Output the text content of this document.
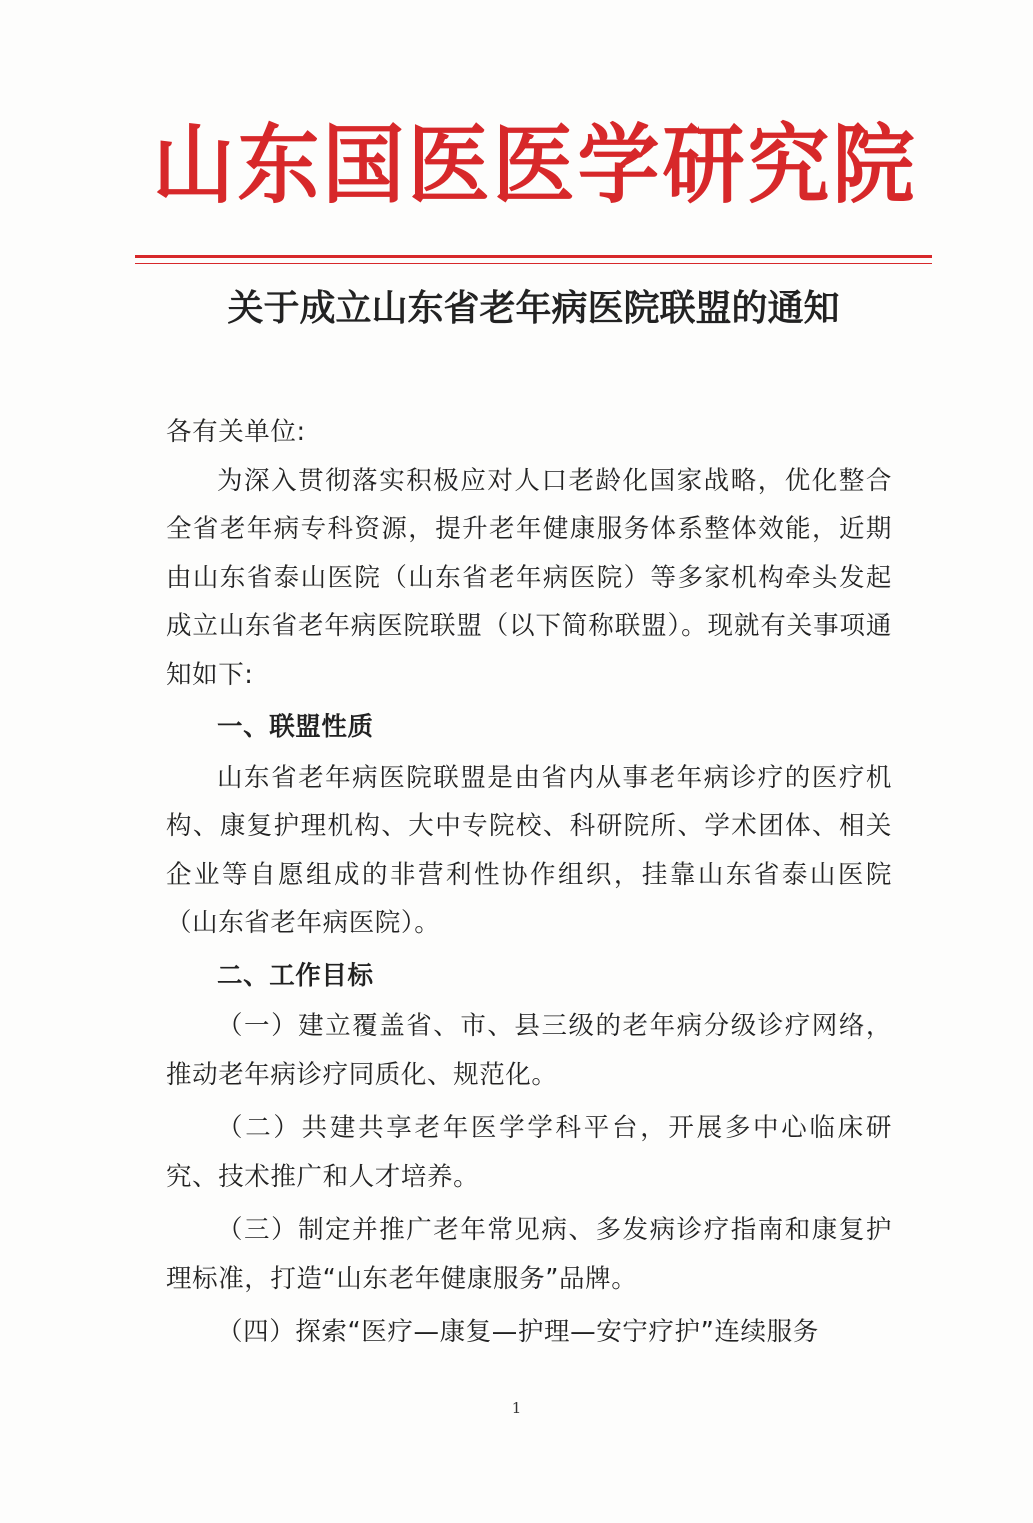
山东国医医学研究院
关于成立山东省老年病医院联盟的通知

各有关单位:

为深入贯彻落实积极应对人口老龄化国家战略，优化整合全省老年病专科资源，提升老年健康服务体系整体效能，近期由山东省泰山医院（山东省老年病医院）等多家机构牵头发起成立山东省老年病医院联盟（以下简称联盟）。现就有关事项通知如下:

一、联盟性质

山东省老年病医院联盟是由省内从事老年病诊疗的医疗机构、康复护理机构、大中专院校、科研院所、学术团体、相关企业等自愿组成的非营利性协作组织，挂靠山东省泰山医院（山东省老年病医院）。

二、工作目标

（一）建立覆盖省、市、县三级的老年病分级诊疗网络，推动老年病诊疗同质化、规范化。

（二）共建共享老年医学学科平台，开展多中心临床研究、技术推广和人才培养。

（三）制定并推广老年常见病、多发病诊疗指南和康复护理标准，打造“山东老年健康服务”品牌。

（四）探索“医疗—康复—护理—安宁疗护”连续服务

1
